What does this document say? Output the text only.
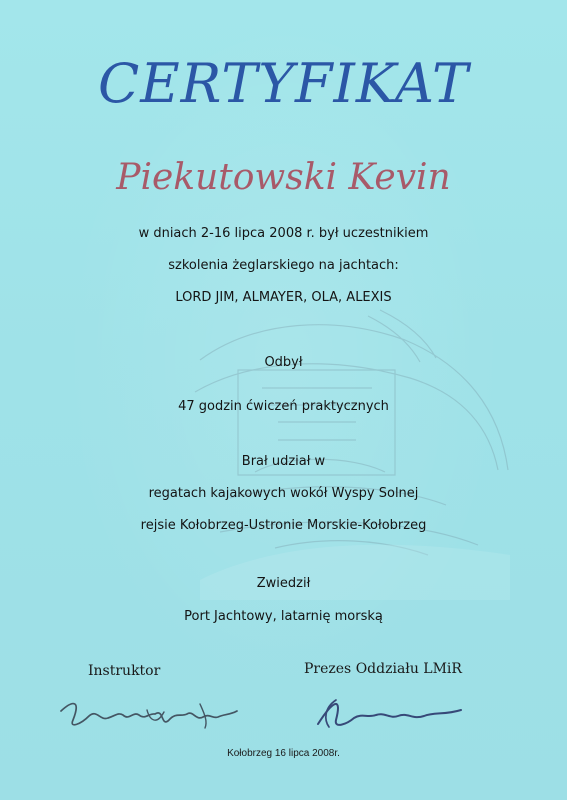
CERTYFIKAT
Piekutowski Kevin
w dniach 2-16 lipca 2008 r. był uczestnikiem
szkolenia żeglarskiego na jachtach:
LORD JIM, ALMAYER, OLA, ALEXIS
Odbył
47 godzin ćwiczeń praktycznych
Brał udział w
regatach kajakowych wokół Wyspy Solnej
rejsie Kołobrzeg-Ustronie Morskie-Kołobrzeg
Zwiedził
Port Jachtowy, latarnię morską
Instruktor	Prezes Oddziału LMiR
Kołobrzeg 16 lipca 2008r.
